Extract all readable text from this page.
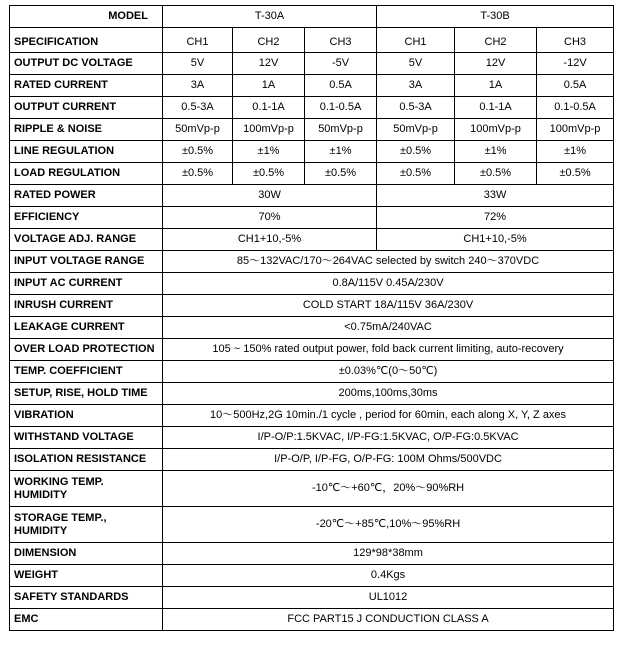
MODEL	T-30A			T-30B		
SPECIFICATION	CH1	CH2	CH3	CH1	CH2	CH3
OUTPUT DC VOLTAGE	5V	12V	-5V	5V	12V	-12V
RATED CURRENT	3A	1A	0.5A	3A	1A	0.5A
OUTPUT CURRENT	0.5-3A	0.1-1A	0.1-0.5A	0.5-3A	0.1-1A	0.1-0.5A
RIPPLE & NOISE	50mVp-p	100mVp-p	50mVp-p	50mVp-p	100mVp-p	100mVp-p
LINE REGULATION	±0.5%	±1%	±1%	±0.5%	±1%	±1%
LOAD REGULATION	±0.5%	±0.5%	±0.5%	±0.5%	±0.5%	±0.5%
RATED POWER	30W			33W		
EFFICIENCY	70%			72%		
VOLTAGE ADJ. RANGE	CH1+10,-5%			CH1+10,-5%		
INPUT VOLTAGE RANGE	85～132VAC/170～264VAC selected by switch 240～370VDC					
INPUT AC CURRENT	0.8A/115V 0.45A/230V					
INRUSH CURRENT	COLD START 18A/115V 36A/230V					
LEAKAGE CURRENT	<0.75mA/240VAC					
OVER LOAD PROTECTION	105 ~ 150% rated output power, fold back current limiting, auto-recovery					
TEMP. COEFFICIENT	±0.03%℃(0～50℃)					
SETUP, RISE, HOLD TIME	200ms,100ms,30ms					
VIBRATION	10～500Hz,2G 10min./1 cycle , period for 60min, each along X, Y, Z axes					
WITHSTAND VOLTAGE	I/P-O/P:1.5KVAC, I/P-FG:1.5KVAC, O/P-FG:0.5KVAC					
ISOLATION RESISTANCE	I/P-O/P, I/P-FG, O/P-FG: 100M Ohms/500VDC					
WORKING TEMP. HUMIDITY	-10℃～+60℃，20%～90%RH					
STORAGE TEMP., HUMIDITY	-20℃～+85℃,10%～95%RH					
DIMENSION	129*98*38mm					
WEIGHT	0.4Kgs					
SAFETY STANDARDS	UL1012					
EMC	FCC PART15 J CONDUCTION CLASS A					
